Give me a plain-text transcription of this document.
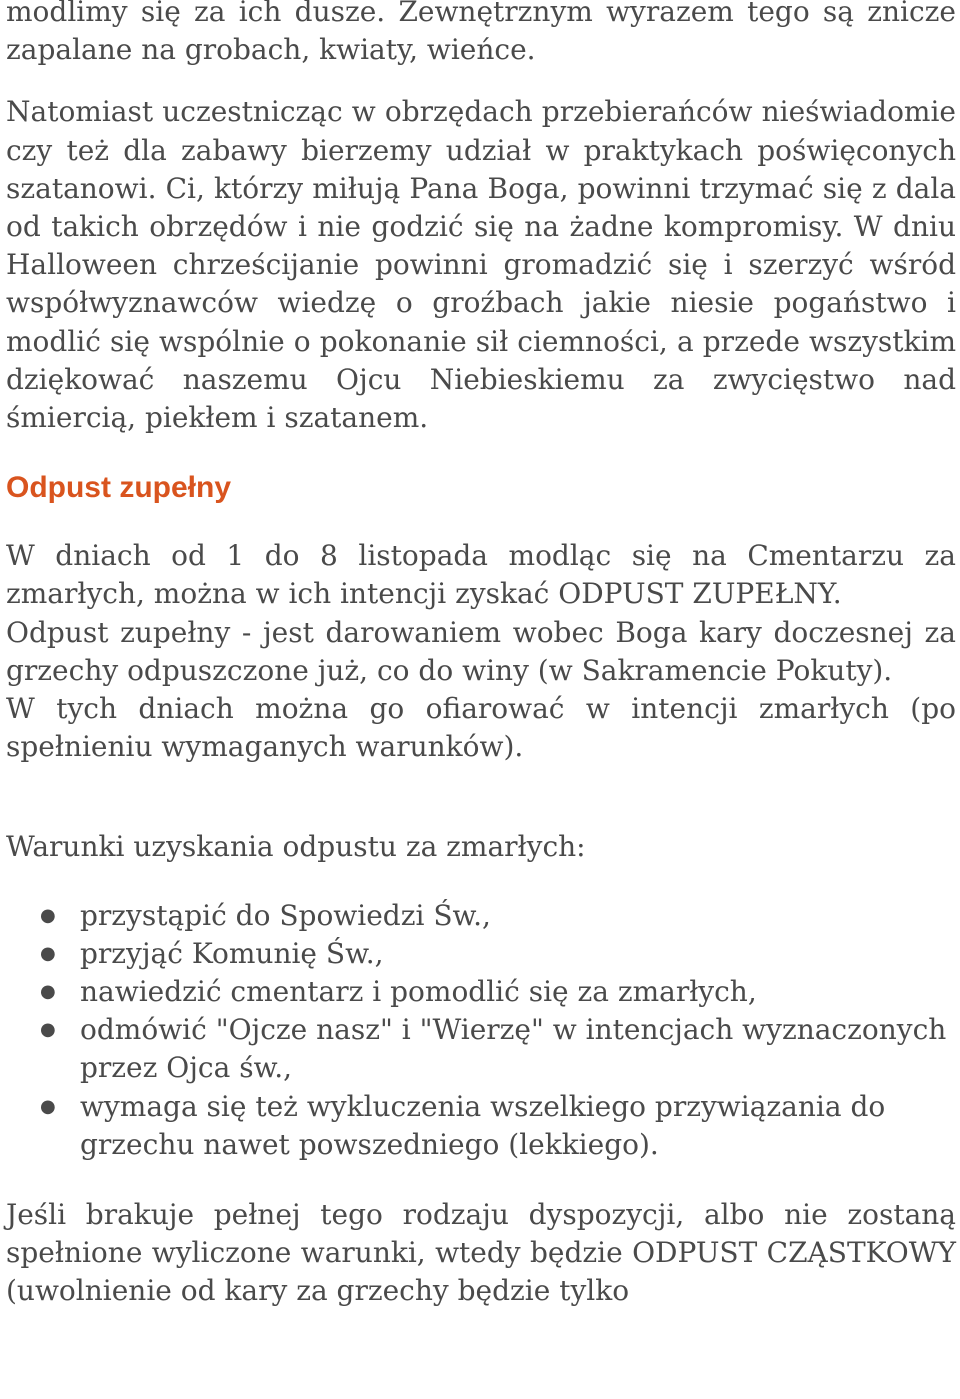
modlimy się za ich dusze. Zewnętrznym wyrazem tego są znicze zapalane na grobach, kwiaty, wieńce.

Natomiast uczestnicząc w obrzędach przebierańców nieświadomie czy też dla zabawy bierzemy udział w praktykach poświęconych szatanowi. Ci, którzy miłują Pana Boga, powinni trzymać się z dala od takich obrzędów i nie godzić się na żadne kompromisy. W dniu Halloween chrześcijanie powinni gromadzić się i szerzyć wśród współwyznawców wiedzę o groźbach jakie niesie pogaństwo i modlić się wspólnie o pokonanie sił ciemności, a przede wszystkim dziękować naszemu Ojcu Niebieskiemu za zwycięstwo nad śmiercią, piekłem i szatanem.

Odpust zupełny

W dniach od 1 do 8 listopada modląc się na Cmentarzu za zmarłych, można w ich intencji zyskać ODPUST ZUPEŁNY.
Odpust zupełny - jest darowaniem wobec Boga kary doczesnej za grzechy odpuszczone już, co do winy (w Sakramencie Pokuty).
W tych dniach można go ofiarować w intencji zmarłych (po spełnieniu wymaganych warunków).

Warunki uzyskania odpustu za zmarłych:

● przystąpić do Spowiedzi Św.,
● przyjąć Komunię Św.,
● nawiedzić cmentarz i pomodlić się za zmarłych,
● odmówić "Ojcze nasz" i "Wierzę" w intencjach wyznaczonych przez Ojca św.,
● wymaga się też wykluczenia wszelkiego przywiązania do grzechu nawet powszedniego (lekkiego).

Jeśli brakuje pełnej tego rodzaju dyspozycji, albo nie zostaną spełnione wyliczone warunki, wtedy będzie ODPUST CZĄSTKOWY (uwolnienie od kary za grzechy będzie tylko
